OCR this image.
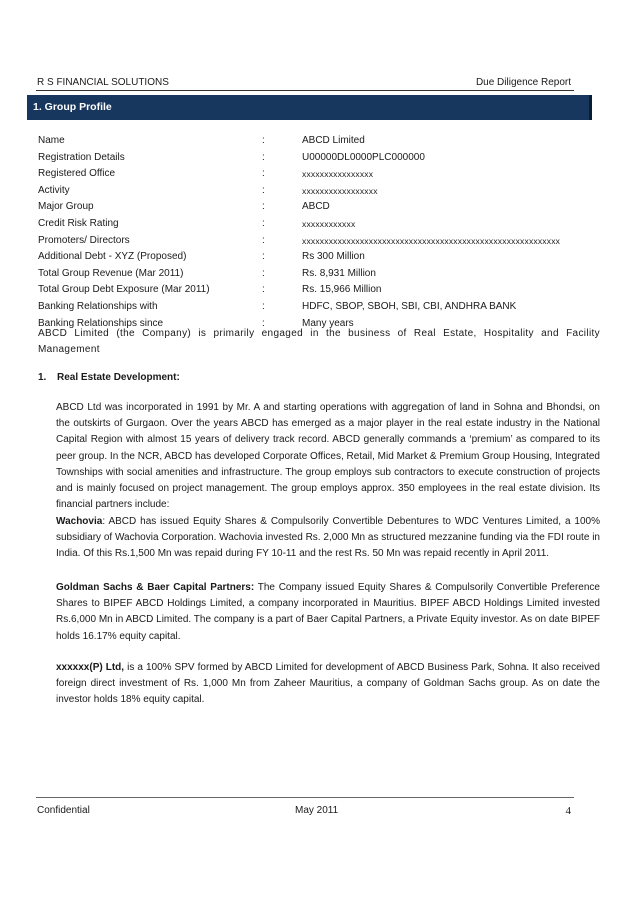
R S FINANCIAL SOLUTIONS	Due Diligence Report
1. Group Profile
Name	:	ABCD Limited
Registration Details	:	U00000DL0000PLC000000
Registered Office	:	xxxxxxxxxxxxxxxx
Activity	:	xxxxxxxxxxxxxxxxx
Major Group	:	ABCD
Credit Risk Rating	:	xxxxxxxxxxxx
Promoters/ Directors	:	xxxxxxxxxxxxxxxxxxxxxxxxxxxxxxxxxxxxxxxxxxxxxxxxxxxxxxxxxx
Additional Debt - XYZ (Proposed)	:	Rs 300 Million
Total Group Revenue (Mar 2011)	:	Rs. 8,931 Million
Total Group Debt Exposure (Mar 2011)	:	Rs. 15,966 Million
Banking Relationships with	:	HDFC, SBOP, SBOH, SBI, CBI, ANDHRA BANK
Banking Relationships since	:	Many years

ABCD Limited (the Company) is primarily engaged in the business of Real Estate, Hospitality and Facility Management

1. Real Estate Development:

ABCD Ltd was incorporated in 1991 by Mr. A and starting operations with aggregation of land in Sohna and Bhondsi, on the outskirts of Gurgaon. Over the years ABCD has emerged as a major player in the real estate industry in the National Capital Region with almost 15 years of delivery track record. ABCD generally commands a ‘premium’ as compared to its peer group. In the NCR, ABCD has developed Corporate Offices, Retail, Mid Market & Premium Group Housing, Integrated Townships with social amenities and infrastructure. The group employs sub contractors to execute construction of projects and is mainly focused on project management. The group employs approx. 350 employees in the real estate division. Its financial partners include:

Wachovia: ABCD has issued Equity Shares & Compulsorily Convertible Debentures to WDC Ventures Limited, a 100% subsidiary of Wachovia Corporation. Wachovia invested Rs. 2,000 Mn as structured mezzanine funding via the FDI route in India. Of this Rs.1,500 Mn was repaid during FY 10-11 and the rest Rs. 50 Mn was repaid recently in April 2011.

Goldman Sachs & Baer Capital Partners: The Company issued Equity Shares & Compulsorily Convertible Preference Shares to BIPEF ABCD Holdings Limited, a company incorporated in Mauritius. BIPEF ABCD Holdings Limited invested Rs.6,000 Mn in ABCD Limited. The company is a part of Baer Capital Partners, a Private Equity investor. As on date BIPEF holds 16.17% equity capital.

xxxxxx(P) Ltd, is a 100% SPV formed by ABCD Limited for development of ABCD Business Park, Sohna. It also received foreign direct investment of Rs. 1,000 Mn from Zaheer Mauritius, a company of Goldman Sachs group. As on date the investor holds 18% equity capital.

Confidential	May 2011	4
